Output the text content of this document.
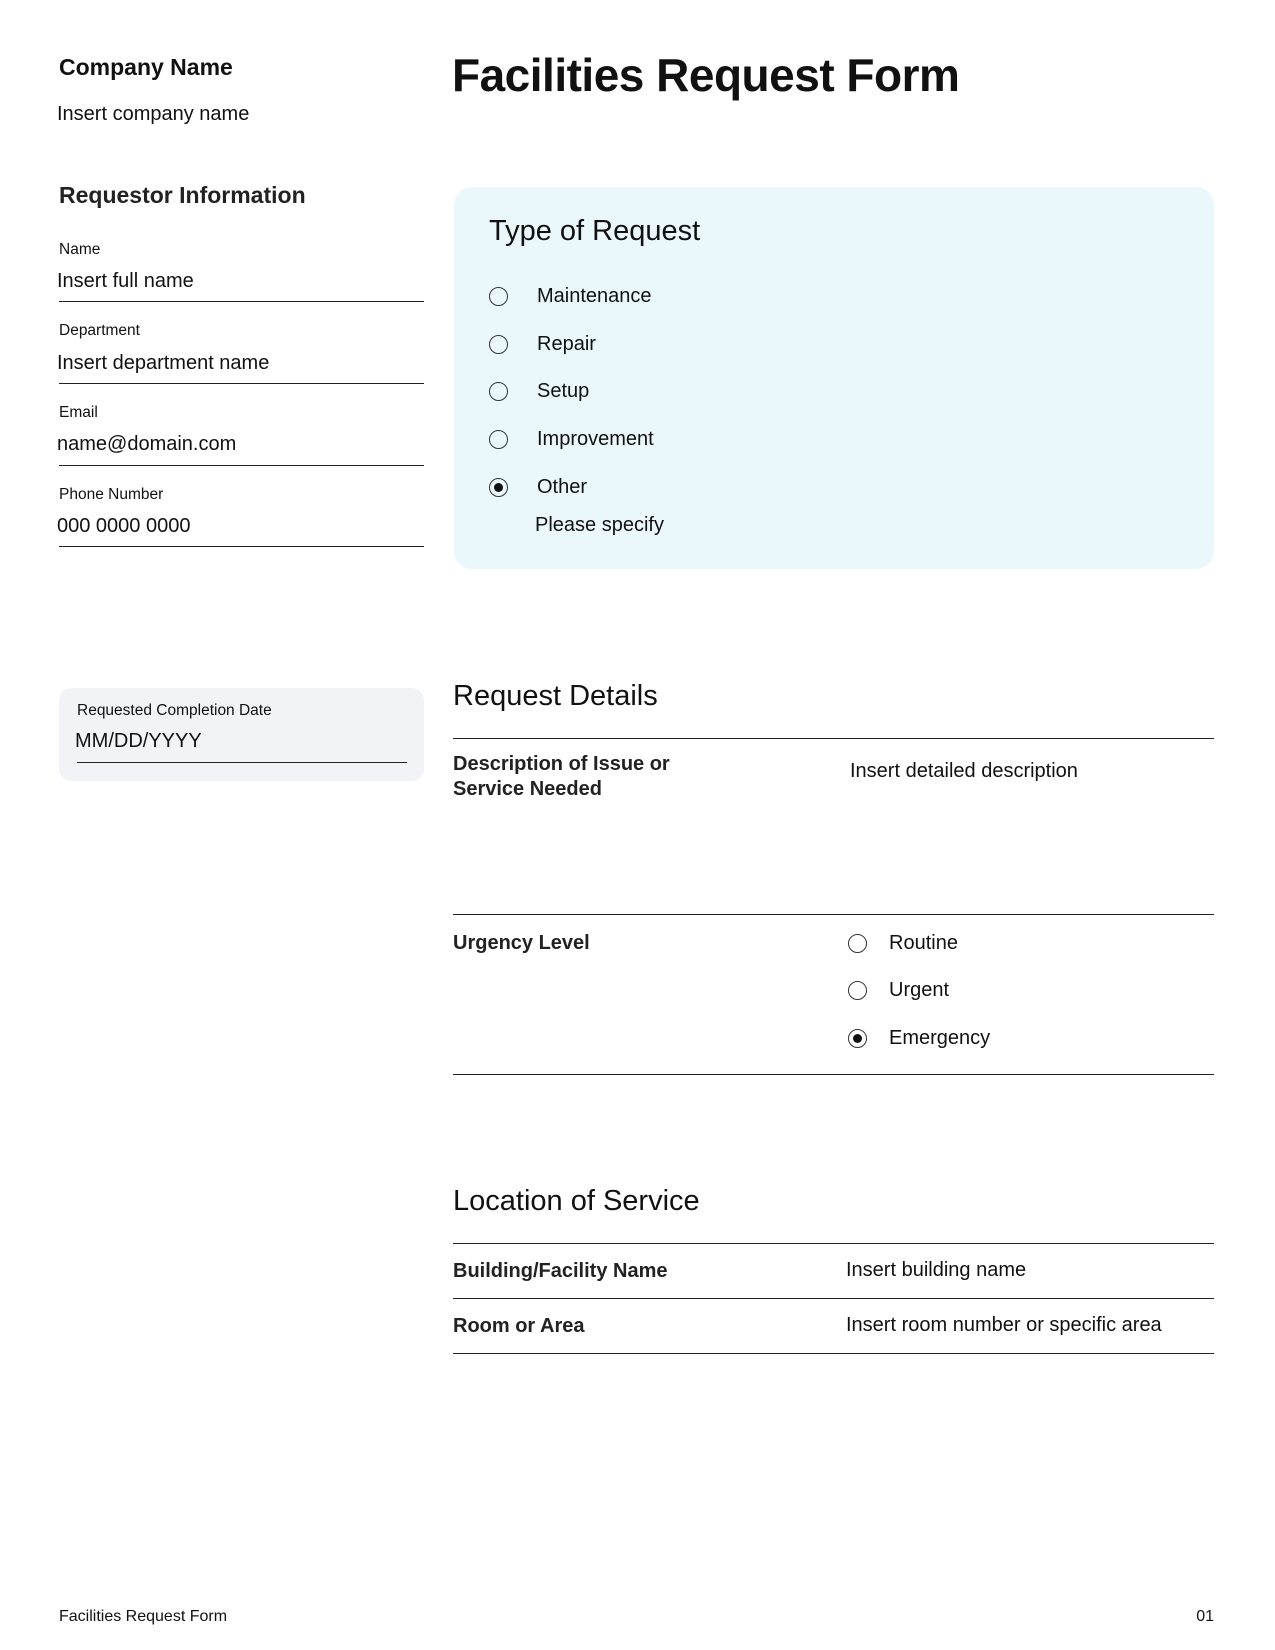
Company Name
Insert company name
Facilities Request Form
Requestor Information
Name
Insert full name
Department
Insert department name
Email
name@domain.com
Phone Number
000 0000 0000
Requested Completion Date
MM/DD/YYYY
Type of Request
Maintenance
Repair
Setup
Improvement
Other
Please specify
Request Details
Description of Issue or Service Needed
Insert detailed description
Urgency Level	Routine
Urgent
Emergency
Location of Service
Building/Facility Name	Insert building name
Room or Area	Insert room number or specific area
Facilities Request Form	01
